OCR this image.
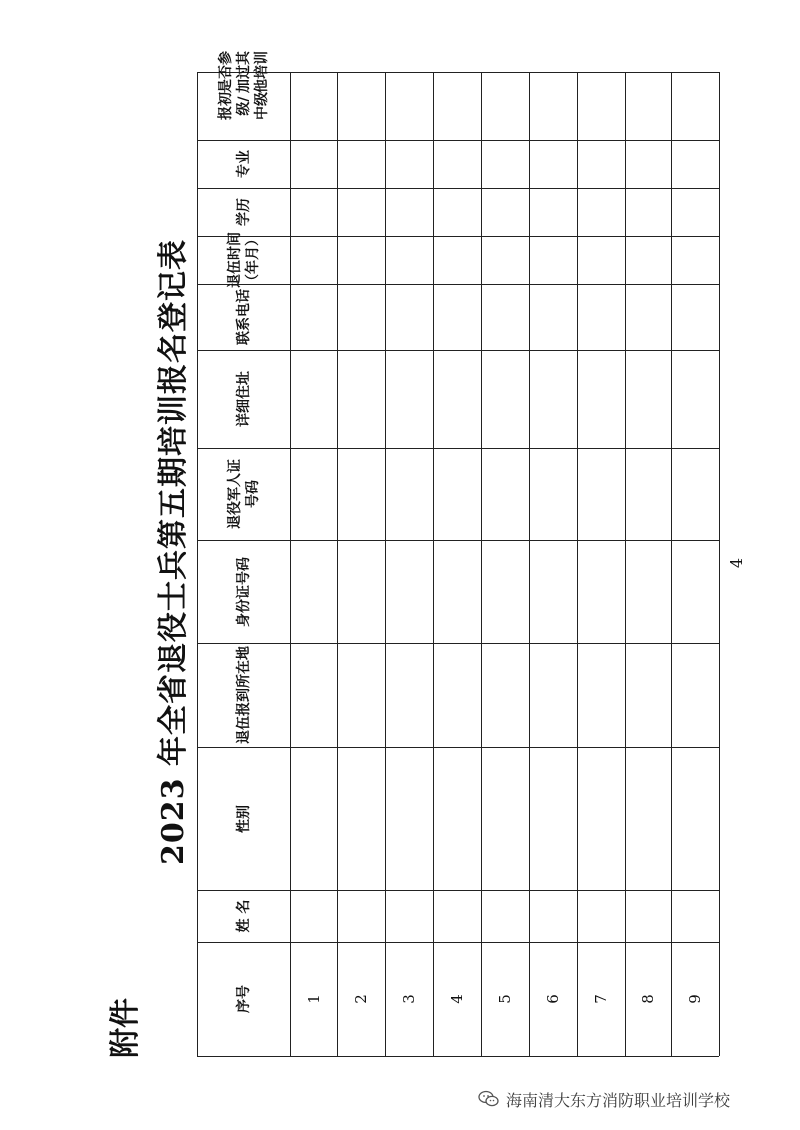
附件
2023 年全省退役士兵第五期培训报名登记表	4
序号
姓 名
性别
退伍报到所在地
身份证号码
退役军人证
号码
详细住址
联系电话
退伍时间
（年月）
学历
专业
报初
级/
中级
是否参
加过其
他培训
1 2 3 4 5 6 7 8 9
海南清大东方消防职业培训学校
